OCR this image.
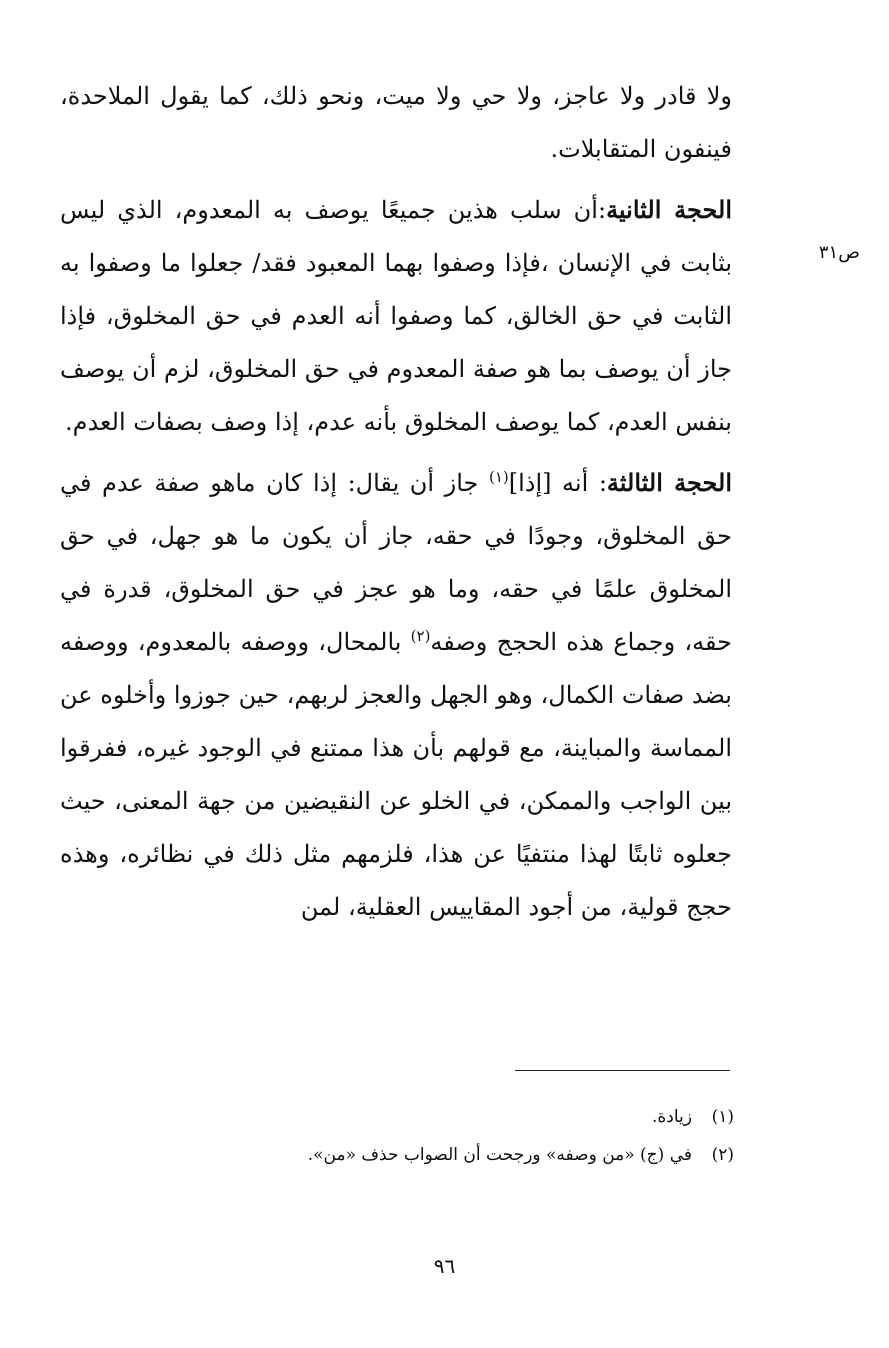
ص٣١

ولا قادر ولا عاجز، ولا حي ولا ميت، ونحو ذلك، كما يقول الملاحدة، فينفون المتقابلات.

الحجة الثانية:أن سلب هذين جميعًا يوصف به المعدوم، الذي ليس بثابت في الإنسان ،فإذا وصفوا بهما المعبود فقد/ جعلوا ما وصفوا به الثابت في حق الخالق، كما وصفوا أنه العدم في حق المخلوق، فإذا جاز أن يوصف بما هو صفة المعدوم في حق المخلوق، لزم أن يوصف بنفس العدم، كما يوصف المخلوق بأنه عدم، إذا وصف بصفات العدم.

الحجة الثالثة: أنه [إذا]$^{(١)}$ جاز أن يقال: إذا كان ماهو صفة عدم في حق المخلوق، وجودًا في حقه، جاز أن يكون ما هو جهل، في حق المخلوق علمًا في حقه، وما هو عجز في حق المخلوق، قدرة في حقه، وجماع هذه الحجج وصفه$^{(٢)}$ بالمحال، ووصفه بالمعدوم، ووصفه بضد صفات الكمال، وهو الجهل والعجز لربهم، حين جوزوا وأخلوه عن المماسة والمباينة، مع قولهم بأن هذا ممتنع في الوجود غيره، ففرقوا بين الواجب والممكن، في الخلو عن النقيضين من جهة المعنى، حيث جعلوه ثابتًا لهذا منتفيًا عن هذا، فلزمهم مثل ذلك في نظائره، وهذه حجج قولية، من أجود المقاييس العقلية، لمن

(١)زيادة.
(٢)في (ج) «من وصفه» ورجحت أن الصواب حذف «من».
٩٦
